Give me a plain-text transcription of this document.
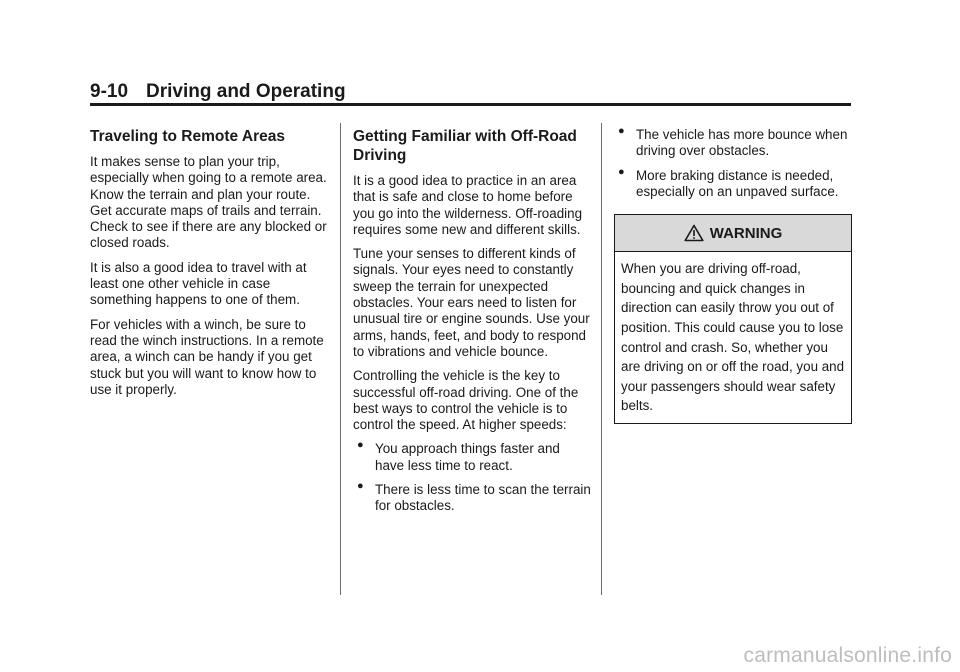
9-10 Driving and Operating
Traveling to Remote Areas

It makes sense to plan your trip, especially when going to a remote area. Know the terrain and plan your route. Get accurate maps of trails and terrain. Check to see if there are any blocked or closed roads.

It is also a good idea to travel with at least one other vehicle in case something happens to one of them.

For vehicles with a winch, be sure to read the winch instructions. In a remote area, a winch can be handy if you get stuck but you will want to know how to use it properly.

Getting Familiar with Off-Road Driving

It is a good idea to practice in an area that is safe and close to home before you go into the wilderness. Off-roading requires some new and different skills.

Tune your senses to different kinds of signals. Your eyes need to constantly sweep the terrain for unexpected obstacles. Your ears need to listen for unusual tire or engine sounds. Use your arms, hands, feet, and body to respond to vibrations and vehicle bounce.

Controlling the vehicle is the key to successful off-road driving. One of the best ways to control the vehicle is to control the speed. At higher speeds:

● You approach things faster and have less time to react.
● There is less time to scan the terrain for obstacles.
● The vehicle has more bounce when driving over obstacles.
● More braking distance is needed, especially on an unpaved surface.
WARNING
When you are driving off-road, bouncing and quick changes in direction can easily throw you out of position. This could cause you to lose control and crash. So, whether you are driving on or off the road, you and your passengers should wear safety belts.
carmanualsonline.info
